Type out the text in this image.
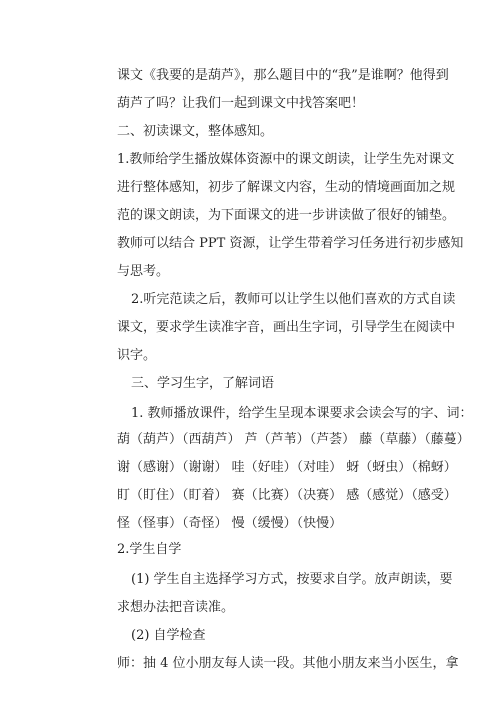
课文《我要的是葫芦》，那么题目中的“我”是谁啊？他得到
葫芦了吗？让我们一起到课文中找答案吧！
二、初读课文，整体感知。
1.教师给学生播放媒体资源中的课文朗读，让学生先对课文
进行整体感知，初步了解课文内容，生动的情境画面加之规
范的课文朗读，为下面课文的进一步讲读做了很好的铺垫。
教师可以结合 PPT 资源，让学生带着学习任务进行初步感知
与思考。
2.听完范读之后，教师可以让学生以他们喜欢的方式自读
课文，要求学生读准字音，画出生字词，引导学生在阅读中
识字。
三、学习生字，了解词语
1. 教师播放课件，给学生呈现本课要求会读会写的字、词：
葫（葫芦）（西葫芦） 芦（芦苇）（芦荟） 藤（草藤）（藤蔓）
谢（感谢）（谢谢） 哇（好哇）（对哇） 蚜（蚜虫）（棉蚜）
盯（盯住）（盯着） 赛（比赛）（决赛） 感（感觉）（感受）
怪（怪事）（奇怪） 慢（缓慢）（快慢）
2.学生自学
(1) 学生自主选择学习方式，按要求自学。放声朗读，要
求想办法把音读准。
(2) 自学检查
师：抽 4 位小朋友每人读一段。其他小朋友来当小医生，拿
